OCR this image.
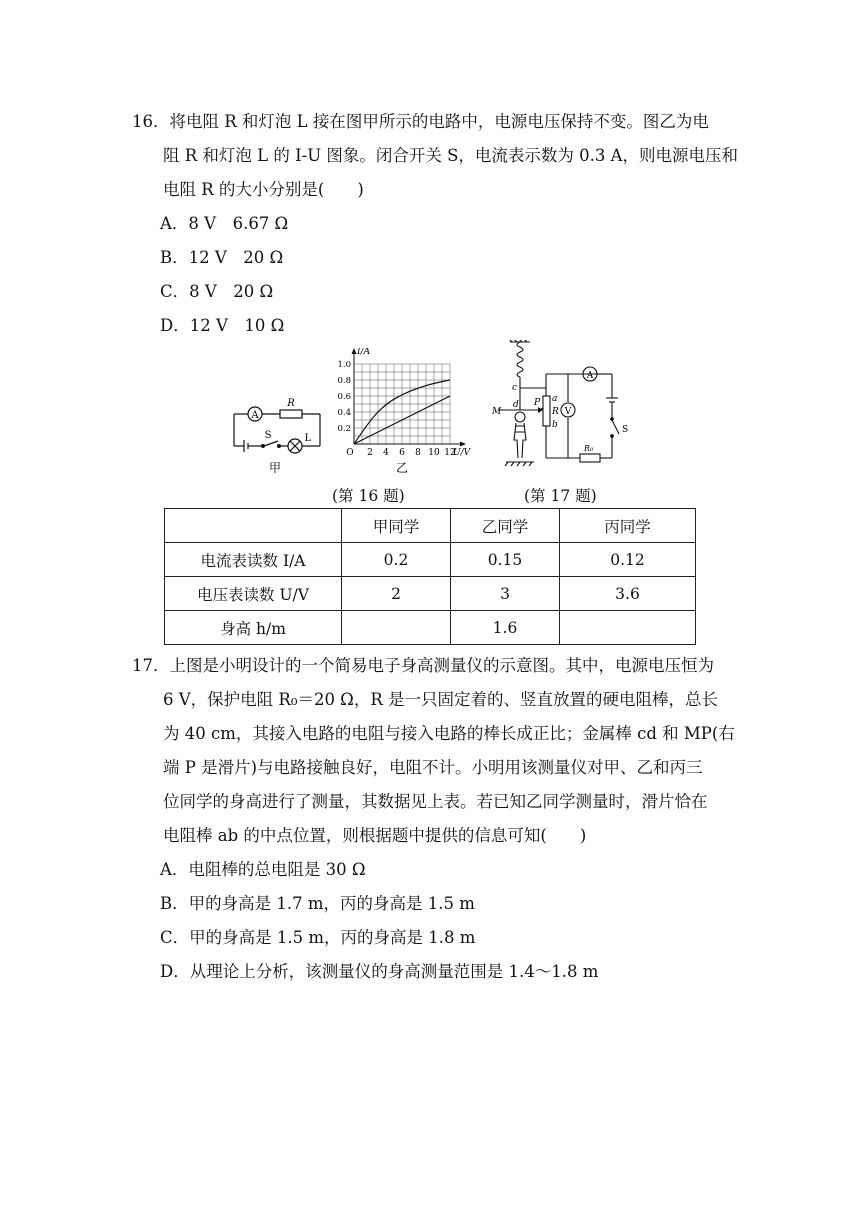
16．将电阻 R 和灯泡 L 接在图甲所示的电路中，电源电压保持不变。图乙为电
阻 R 和灯泡 L 的 I-U 图象。闭合开关 S，电流表示数为 0.3 A，则电源电压和
电阻 R 的大小分别是(　　)
A．8 V　6.67 Ω
B．12 V　20 Ω
C．8 V　20 Ω
D．12 V　10 Ω
A
R
S	L
甲
O 2 4 6 8 10 12
0.2
0.4
0.6
0.8
1.0
I/A
U/V
乙
c
d
M
P a
R
b
V
A
S
R₀
(第 16 题)	(第 17 题)
	甲同学	乙同学	丙同学
电流表读数 I/A	0.2	0.15	0.12
电压表读数 U/V	2	3	3.6
身高 h/m		1.6	
17．上图是小明设计的一个简易电子身高测量仪的示意图。其中，电源电压恒为
6 V，保护电阻 R₀＝20 Ω，R 是一只固定着的、竖直放置的硬电阻棒，总长
为 40 cm，其接入电路的电阻与接入电路的棒长成正比；金属棒 cd 和 MP(右
端 P 是滑片)与电路接触良好，电阻不计。小明用该测量仪对甲、乙和丙三
位同学的身高进行了测量，其数据见上表。若已知乙同学测量时，滑片恰在
电阻棒 ab 的中点位置，则根据题中提供的信息可知(　　)
A．电阻棒的总电阻是 30 Ω
B．甲的身高是 1.7 m，丙的身高是 1.5 m
C．甲的身高是 1.5 m，丙的身高是 1.8 m
D．从理论上分析，该测量仪的身高测量范围是 1.4～1.8 m
